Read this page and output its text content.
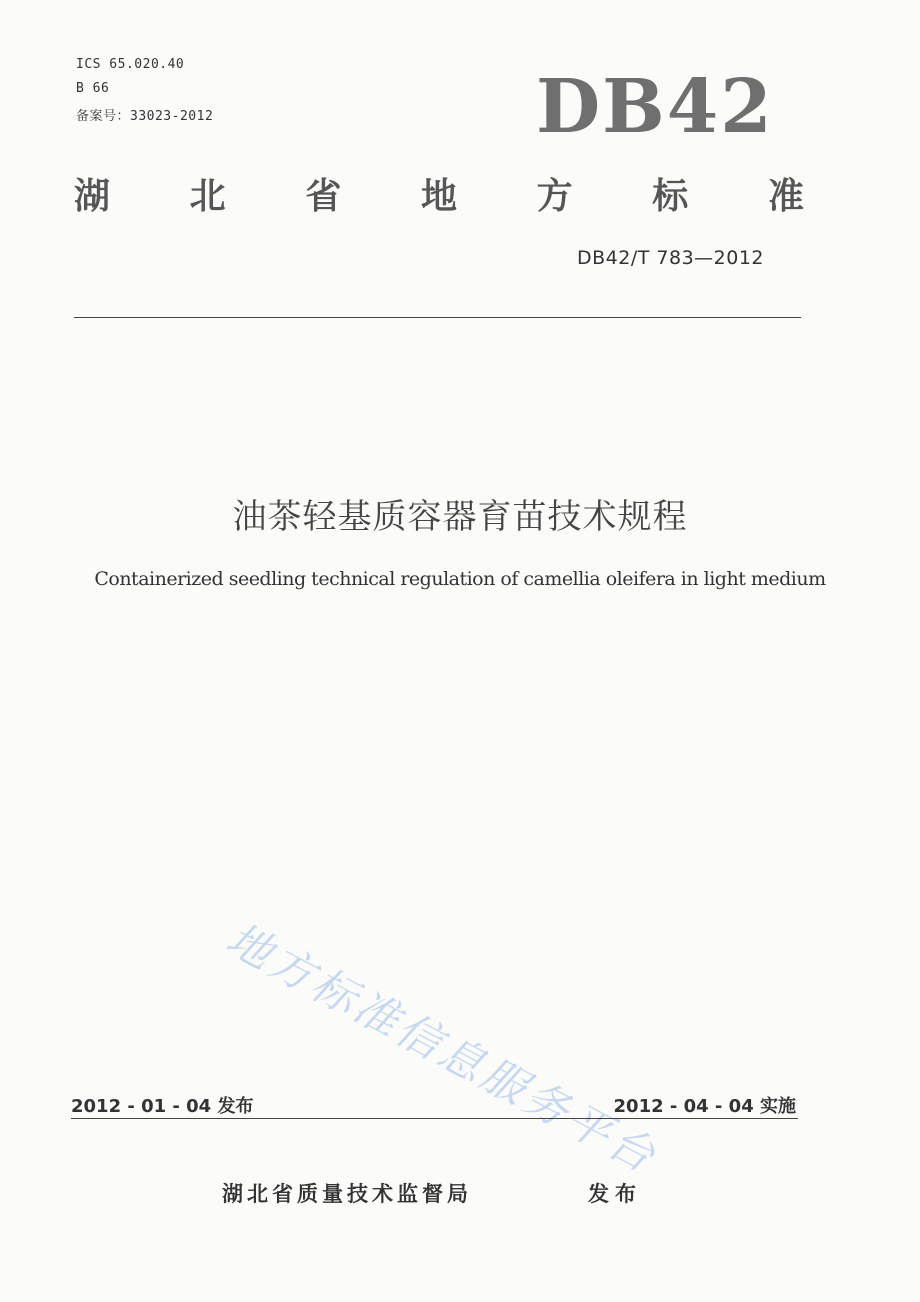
ICS 65.020.40
B 66
备案号：33023-2012	DB42
湖 北 省 地 方 标 准
DB42/T 783—2012
油茶轻基质容器育苗技术规程
Containerized seedling technical regulation of camellia oleifera in light medium
地方标准信息服务平台
2012 - 01 - 04 发布	2012 - 04 - 04 实施
湖北省质量技术监督局	发布
